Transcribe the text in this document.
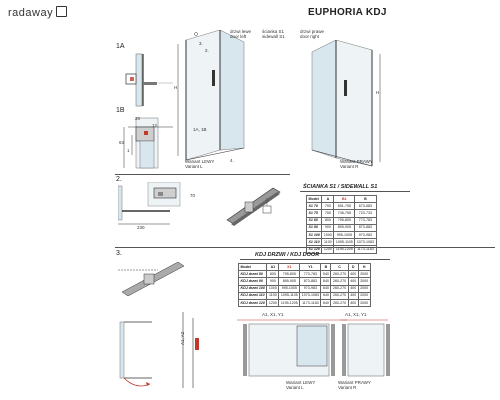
radaway	EUPHORIA KDJ
1A
1B
2.
3.
12
20
63
1
70
230
H
1A, 1B
3.
4.
2.
drzwi lewe
door left
ścianka S1
sidewall S1
drzwi prawe
door right
H
Wariant LEWY
Variant L
Wariant PRAWY
Variant R
ŚCIANKA S1 / SIDEWALL S1
Model	A	B1	B
S1 70	700	691-705	673-683
S1 75	750	745-755	723-733
S1 80	800	795-805	773-783
S1 90	900	895-905	873-883
S1 100	1000	995-1005	973-983
S1 110	1100	1095-1105	1073-1083
S1 120	1200	1195-1205	1173-1183
KDJ DRZWI / KDJ DOOR
Model	A1	X1	Y1	B	C	D	H
KDJ drzwi 80	800	795-805	773-783	540	260-270	400	2000
KDJ drzwi 90	900	895-905	873-883	640	260-270	400	2000
KDJ drzwi 100	1000	995-1005	973-983	640	260-270	400	2000
KDJ drzwi 110	1100	1095-1105	1073-1083	640	260-270	400	2000
KDJ drzwi 120	1200	1195-1205	1173-1183	640	260-270	400	2000
A1, A2
A1, X1, Y1	A1, X1, Y1
Wariant LEWY
Variant L
Wariant PRAWY
Variant R
